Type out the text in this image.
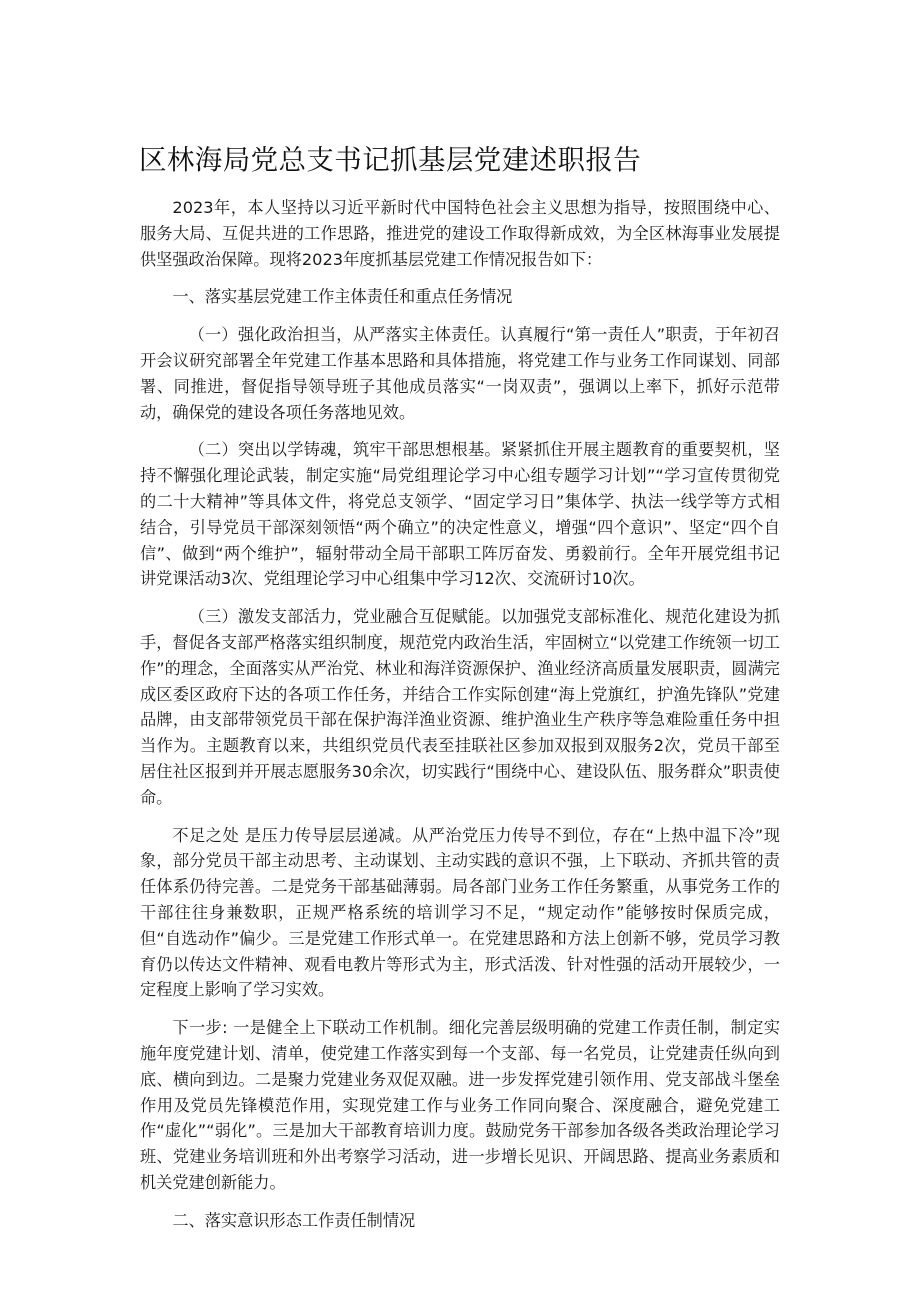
区林海局党总支书记抓基层党建述职报告

2023年，本人坚持以习近平新时代中国特色社会主义思想为指导，按照围绕中心、服务大局、互促共进的工作思路，推进党的建设工作取得新成效，为全区林海事业发展提供坚强政治保障。现将2023年度抓基层党建工作情况报告如下：

一、落实基层党建工作主体责任和重点任务情况

（一）强化政治担当，从严落实主体责任。认真履行“第一责任人”职责，于年初召开会议研究部署全年党建工作基本思路和具体措施，将党建工作与业务工作同谋划、同部署、同推进，督促指导领导班子其他成员落实“一岗双责”，强调以上率下，抓好示范带动，确保党的建设各项任务落地见效。

（二）突出以学铸魂，筑牢干部思想根基。紧紧抓住开展主题教育的重要契机，坚持不懈强化理论武装，制定实施“局党组理论学习中心组专题学习计划”“学习宣传贯彻党的二十大精神”等具体文件，将党总支领学、“固定学习日”集体学、执法一线学等方式相结合，引导党员干部深刻领悟“两个确立”的决定性意义，增强“四个意识”、坚定“四个自信”、做到“两个维护”，辐射带动全局干部职工阵厉奋发、勇毅前行。全年开展党组书记讲党课活动3次、党组理论学习中心组集中学习12次、交流研讨10次。

（三）激发支部活力，党业融合互促赋能。以加强党支部标准化、规范化建设为抓手，督促各支部严格落实组织制度，规范党内政治生活，牢固树立“以党建工作统领一切工作”的理念，全面落实从严治党、林业和海洋资源保护、渔业经济高质量发展职责，圆满完成区委区政府下达的各项工作任务，并结合工作实际创建“海上党旗红，护渔先锋队”党建品牌，由支部带领党员干部在保护海洋渔业资源、维护渔业生产秩序等急难险重任务中担当作为。主题教育以来，共组织党员代表至挂联社区参加双报到双服务2次，党员干部至居住社区报到并开展志愿服务30余次，切实践行“围绕中心、建设队伍、服务群众”职责使命。

不足之处 是压力传导层层递减。从严治党压力传导不到位，存在“上热中温下冷”现象，部分党员干部主动思考、主动谋划、主动实践的意识不强，上下联动、齐抓共管的责任体系仍待完善。二是党务干部基础薄弱。局各部门业务工作任务繁重，从事党务工作的干部往往身兼数职，正规严格系统的培训学习不足，“规定动作”能够按时保质完成，但“自选动作”偏少。三是党建工作形式单一。在党建思路和方法上创新不够，党员学习教育仍以传达文件精神、观看电教片等形式为主，形式活泼、针对性强的活动开展较少，一定程度上影响了学习实效。

下一步: 一是健全上下联动工作机制。细化完善层级明确的党建工作责任制，制定实施年度党建计划、清单，使党建工作落实到每一个支部、每一名党员，让党建责任纵向到底、横向到边。二是聚力党建业务双促双融。进一步发挥党建引领作用、党支部战斗堡垒作用及党员先锋模范作用，实现党建工作与业务工作同向聚合、深度融合，避免党建工作“虚化”“弱化”。三是加大干部教育培训力度。鼓励党务干部参加各级各类政治理论学习班、党建业务培训班和外出考察学习活动，进一步增长见识、开阔思路、提高业务素质和机关党建创新能力。

二、落实意识形态工作责任制情况
